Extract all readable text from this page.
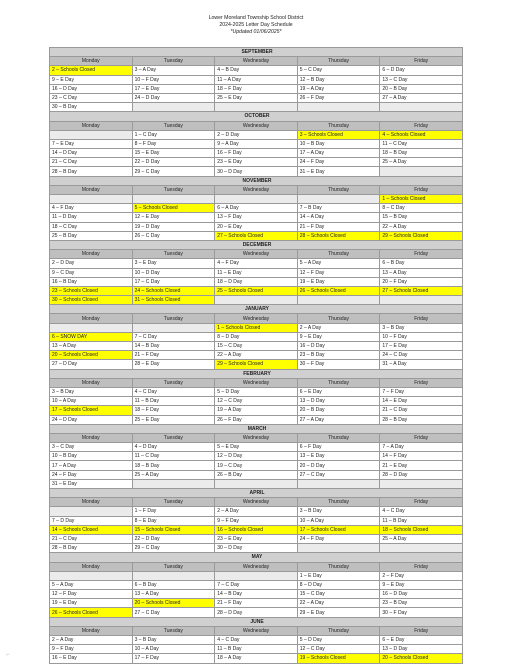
Lower Moreland Township School District
2024-2025 Letter Day Schedule
*Updated 01/06/2025*
SEPTEMBER				
Monday	Tuesday	Wednesday	Thursday	Friday
2 – Schools Closed	3 – A Day	4 – B Day	5 – C Day	6 – D Day
9 – E Day	10 – F Day	11 – A Day	12 – B Day	13 – C Day
16 – D Day	17 – E Day	18 – F Day	19 – A Day	20 – B Day
23 – C Day	24 – D Day	25 – E Day	26 – F Day	27 – A Day
30 – B Day				
OCTOBER				
Monday	Tuesday	Wednesday	Thursday	Friday
	1 – C Day	2 – D Day	3 – Schools Closed	4 – Schools Closed
7 – E Day	8 – F Day	9 – A Day	10 – B Day	11 – C Day
14 – D Day	15 – E Day	16 – F Day	17 – A Day	18 – B Day
21 – C Day	22 – D Day	23 – E Day	24 – F Day	25 – A Day
28 – B Day	29 – C Day	30 – D Day	31 – E Day	
NOVEMBER				
Monday	Tuesday	Wednesday	Thursday	Friday
				1 – Schools Closed
4 – F Day	5 – Schools Closed	6 – A Day	7 – B Day	8 – C Day
11 – D Day	12 – E Day	13 – F Day	14 – A Day	15 – B Day
18 – C Day	19 – D Day	20 – E Day	21 – F Day	22 – A Day
25 – B Day	26 – C Day	27 – Schools Closed	28 – Schools Closed	29 – Schools Closed
DECEMBER				
Monday	Tuesday	Wednesday	Thursday	Friday
2 – D Day	3 – E Day	4 – F Day	5 – A Day	6 – B Day
9 – C Day	10 – D Day	11 – E Day	12 – F Day	13 – A Day
16 – B Day	17 – C Day	18 – D Day	19 – E Day	20 – F Day
23 – Schools Closed	24 – Schools Closed	25 – Schools Closed	26 – Schools Closed	27 – Schools Closed
30 – Schools Closed	31 – Schools Closed			
JANUARY				
Monday	Tuesday	Wednesday	Thursday	Friday
		1 – Schools Closed	2 – A Day	3 – B Day
6 – SNOW DAY	7 – C Day	8 – D Day	9 – E Day	10 – F Day
13 – A Day	14 – B Day	15 – C Day	16 – D Day	17 – E Day
20 – Schools Closed	21 – F Day	22 – A Day	23 – B Day	24 – C Day
27 – D Day	28 – E Day	29 – Schools Closed	30 – F Day	31 – A Day
FEBRUARY				
Monday	Tuesday	Wednesday	Thursday	Friday
3 – B Day	4 – C Day	5 – D Day	6 – E Day	7 – F Day
10 – A Day	11 – B Day	12 – C Day	13 – D Day	14 – E Day
17 – Schools Closed	18 – F Day	19 – A Day	20 – B Day	21 – C Day
24 – D Day	25 – E Day	26 – F Day	27 – A Day	28 – B Day
MARCH				
Monday	Tuesday	Wednesday	Thursday	Friday
3 – C Day	4 – D Day	5 – E Day	6 – F Day	7 – A Day
10 – B Day	11 – C Day	12 – D Day	13 – E Day	14 – F Day
17 – A Day	18 – B Day	19 – C Day	20 – D Day	21 – E Day
24 – F Day	25 – A Day	26 – B Day	27 – C Day	28 – D Day
31 – E Day				
APRIL				
Monday	Tuesday	Wednesday	Thursday	Friday
	1 – F Day	2 – A Day	3 – B Day	4 – C Day
7 – D Day	8 – E Day	9 – F Day	10 – A Day	11 – B Day
14 – Schools Closed	15 – Schools Closed	16 – Schools Closed	17 – Schools Closed	18 – Schools Closed
21 – C Day	22 – D Day	23 – E Day	24 – F Day	25 – A Day
28 – B Day	29 – C Day	30 – D Day		
MAY				
Monday	Tuesday	Wednesday	Thursday	Friday
			1 – E Day	2 – F Day
5 – A Day	6 – B Day	7 – C Day	8 – D Day	9 – E Day
12 – F Day	13 – A Day	14 – B Day	15 – C Day	16 – D Day
19 – E Day	20 – Schools Closed	21 – F Day	22 – A Day	23 – B Day
26 – Schools Closed	27 – C Day	28 – D Day	29 – E Day	30 – F Day
JUNE				
Monday	Tuesday	Wednesday	Thursday	Friday
2 – A Day	3 – B Day	4 – C Day	5 – D Day	6 – E Day
9 – F Day	10 – A Day	11 – B Day	12 – C Day	13 – D Day
16 – E Day	17 – F Day	18 – A Day	19 – Schools Closed	20 – Schools Closed
⌐
